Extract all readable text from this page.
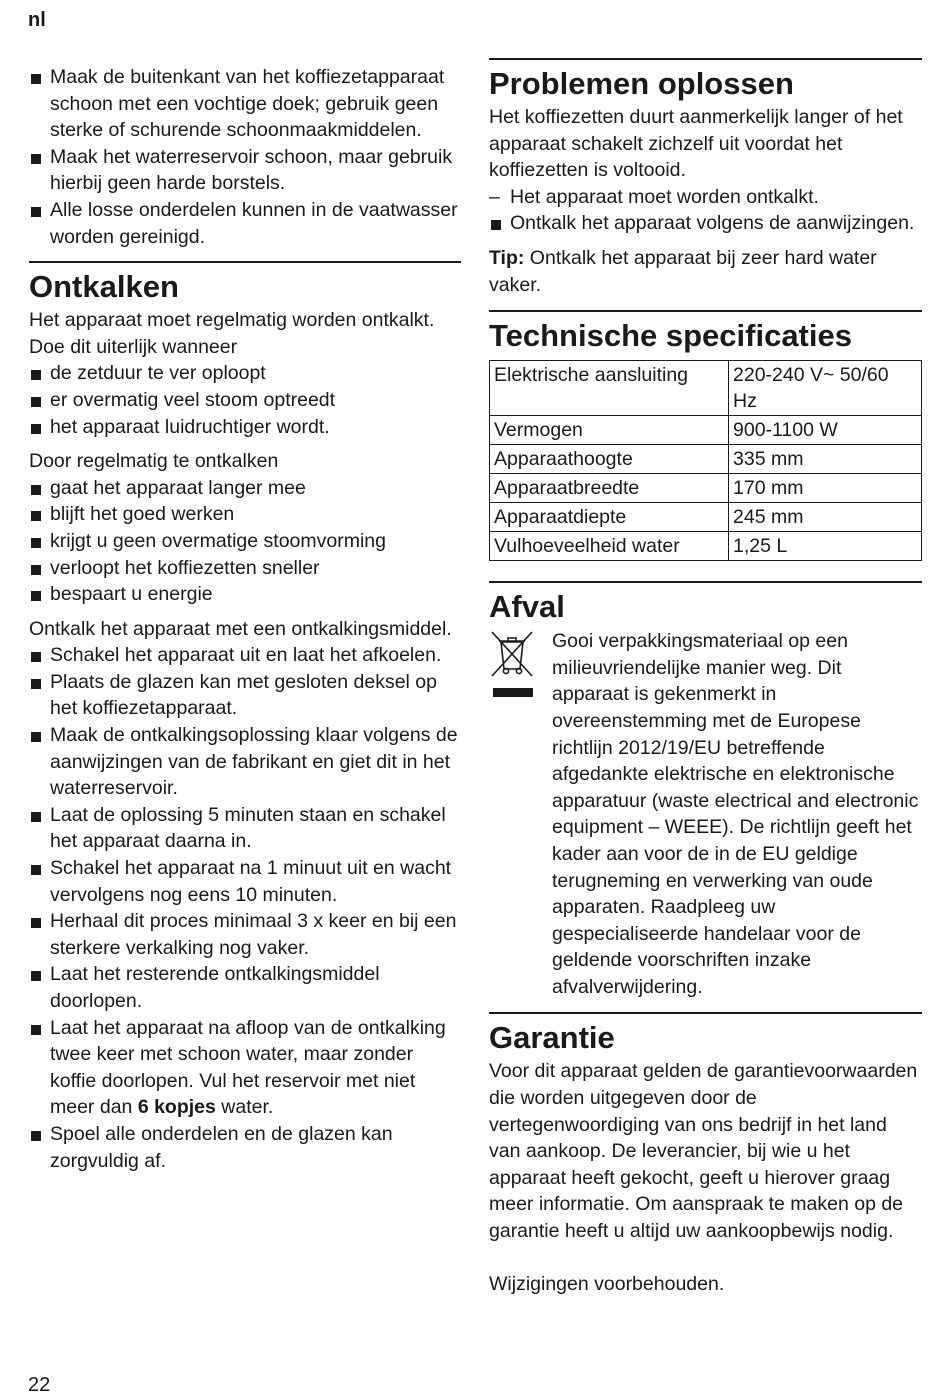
nl
Maak de buitenkant van het koffiezetapparaat schoon met een vochtige doek; gebruik geen sterke of schurende schoonmaakmiddelen.
Maak het waterreservoir schoon, maar gebruik hierbij geen harde borstels.
Alle losse onderdelen kunnen in de vaatwasser worden gereinigd.
Ontkalken

Het apparaat moet regelmatig worden ontkalkt. Doe dit uiterlijk wanneer

de zetduur te ver oploopt
er overmatig veel stoom optreedt
het apparaat luidruchtiger wordt.

Door regelmatig te ontkalken

gaat het apparaat langer mee
blijft het goed werken
krijgt u geen overmatige stoomvorming
verloopt het koffiezetten sneller
bespaart u energie

Ontkalk het apparaat met een ontkalkingsmiddel.

Schakel het apparaat uit en laat het afkoelen.
Plaats de glazen kan met gesloten deksel op het koffiezetapparaat.
Maak de ontkalkingsoplossing klaar volgens de aanwijzingen van de fabrikant en giet dit in het waterreservoir.
Laat de oplossing 5 minuten staan en schakel het apparaat daarna in.
Schakel het apparaat na 1 minuut uit en wacht vervolgens nog eens 10 minuten.
Herhaal dit proces minimaal 3 x keer en bij een sterkere verkalking nog vaker.
Laat het resterende ontkalkingsmiddel doorlopen.
Laat het apparaat na afloop van de ontkalking twee keer met schoon water, maar zonder koffie doorlopen. Vul het reservoir met niet meer dan 6 kopjes water.
Spoel alle onderdelen en de glazen kan zorgvuldig af.
Problemen oplossen

Het koffiezetten duurt aanmerkelijk langer of het apparaat schakelt zichzelf uit voordat het koffiezetten is voltooid.

– Het apparaat moet worden ontkalkt.
Ontkalk het apparaat volgens de aanwijzingen.

Tip: Ontkalk het apparaat bij zeer hard water vaker.

Technische specificaties
Elektrische aansluiting	220-240 V~ 50/60 Hz
Vermogen	900-1100 W
Apparaathoogte	335 mm
Apparaatbreedte	170 mm
Apparaatdiepte	245 mm
Vulhoeveelheid water	1,25 L
Afval

Gooi verpakkingsmateriaal op een milieuvriendelijke manier weg. Dit apparaat is gekenmerkt in overeenstemming met de Europese richtlijn 2012/19/EU betreffende afgedankte elektrische en elektronische apparatuur (waste electrical and electronic equipment – WEEE). De richtlijn geeft het kader aan voor de in de EU geldige terugneming en verwerking van oude apparaten. Raadpleeg uw gespecialiseerde handelaar voor de geldende voorschriften inzake afvalverwijdering.

Garantie

Voor dit apparaat gelden de garantievoorwaarden die worden uitgegeven door de vertegenwoordiging van ons bedrijf in het land van aankoop. De leverancier, bij wie u het apparaat heeft gekocht, geeft u hierover graag meer informatie. Om aanspraak te maken op de garantie heeft u altijd uw aankoopbewijs nodig.

Wijzigingen voorbehouden.

22
